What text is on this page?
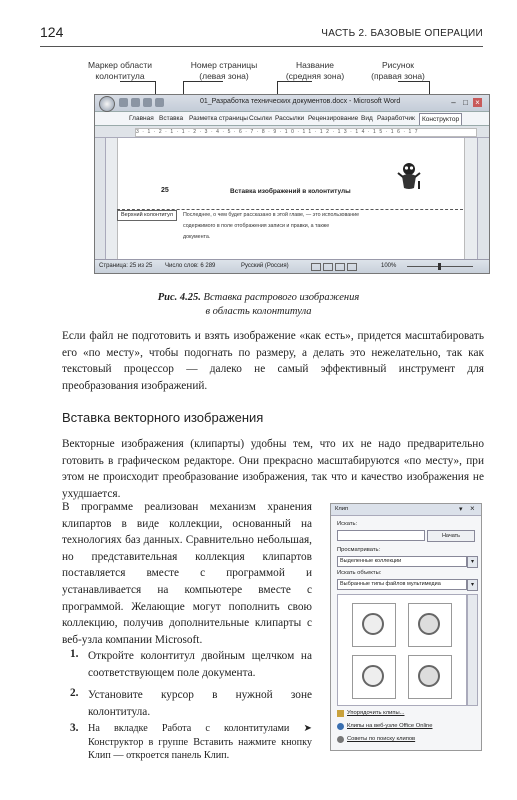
124	ЧАСТЬ 2. БАЗОВЫЕ ОПЕРАЦИИ
Маркер области
колонтитула
Номер страницы
(левая зона)
Название
(средняя зона)
Рисунок
(правая зона)
01_Разработка технических документов.docx - Microsoft Word	– □ ×
Главная Вставка Разметка страницы Ссылки Рассылки Рецензирование Вид Разработчик	Конструктор
3·1·2·1·1·2·3·4·5·6·7·8·9·10·11·12·13·14·15·16·17
25	Вставка изображений в колонтитулы
Верхний колонтитул	Последнее, о чем будет рассказано в этой главе, — это использование
содержимого в поле отображения записи и правки, а также
документа.
Страница: 25 из 25 Число слов: 6 289	Русский (Россия)	100%
Рис. 4.25. Вставка растрового изображения
в область колонтитула
Если файл не подготовить и взять изображение «как есть», придется масштабировать его «по месту», чтобы подогнать по размеру, а делать это нежелательно, так как текстовый процессор — далеко не самый эффективный инструмент для преобразования изображений.
Вставка векторного изображения
Векторные изображения (клипарты) удобны тем, что их не надо предварительно готовить в графическом редакторе. Они прекрасно масштабируются «по месту», при этом не происходит преобразование изображения, так что и качество изображения не ухудшается.
В программе реализован механизм хранения клипартов в виде коллекции, основанный на технологиях баз данных. Сравнительно небольшая, но представительная коллекция клипартов поставляется вместе с программой и устанавливается на компьютере вместе с программой. Желающие могут пополнить свою коллекцию, получив дополнительные клипарты с веб-узла компании Microsoft.
1. Откройте колонтитул двойным щелчком на соответствующем поле документа.
2. Установите курсор в нужной зоне колонтитула.
3. На вкладке Работа с колонтитулами ➤ Конструктор в группе Вставить нажмите кнопку Клип — откроется панель Клип.
Клип	▾ ×
Искать:
Начать
Просматривать:
Выделенные коллекции	▾
Искать объекты:
Выбранные типы файлов мультимедиа	▾
Упорядочить клипы...
Клипы на веб-узле Office Online
Советы по поиску клипов
